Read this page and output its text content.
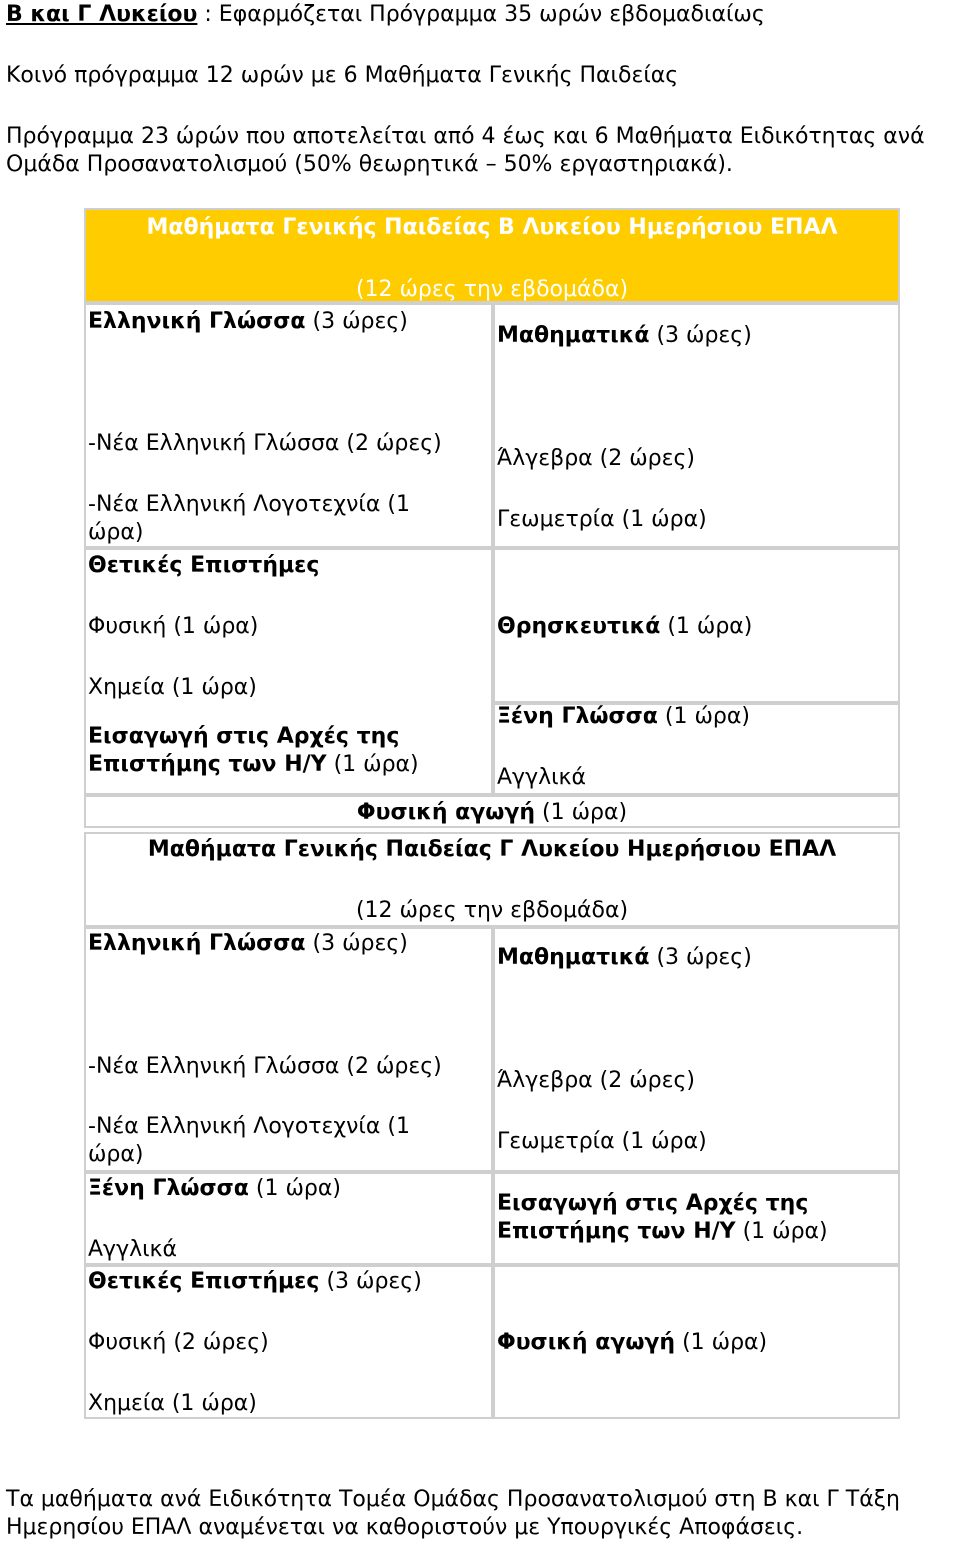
Β και Γ Λυκείου : Εφαρμόζεται Πρόγραμμα 35 ωρών εβδομαδιαίως

Κοινό πρόγραμμα 12 ωρών με 6 Μαθήματα Γενικής Παιδείας

Πρόγραμμα 23 ώρών που αποτελείται από 4 έως και 6 Μαθήματα Ειδικότητας ανά

Ομάδα Προσανατολισμού (50% θεωρητικά – 50% εργαστηριακά).

Μαθήματα Γενικής Παιδείας Β Λυκείου Ημερήσιου ΕΠΑΛ
(12 ώρες την εβδομάδα)
Ελληνική Γλώσσα (3 ώρες)
-Νέα Ελληνική Γλώσσα (2 ώρες)
-Νέα Ελληνική Λογοτεχνία (1
ώρα)
Μαθηματικά (3 ώρες)
Άλγεβρα (2 ώρες)
Γεωμετρία (1 ώρα)
Θετικές Επιστήμες
Φυσική (1 ώρα)
Χημεία (1 ώρα)
Εισαγωγή στις Αρχές της
Επιστήμης των Η/Υ (1 ώρα)
Θρησκευτικά (1 ώρα)
Ξένη Γλώσσα (1 ώρα)
Αγγλικά
Φυσική αγωγή (1 ώρα)
Μαθήματα Γενικής Παιδείας Γ Λυκείου Ημερήσιου ΕΠΑΛ
(12 ώρες την εβδομάδα)
Ελληνική Γλώσσα (3 ώρες)
-Νέα Ελληνική Γλώσσα (2 ώρες)
-Νέα Ελληνική Λογοτεχνία (1
ώρα)
Μαθηματικά (3 ώρες)
Άλγεβρα (2 ώρες)
Γεωμετρία (1 ώρα)
Ξένη Γλώσσα (1 ώρα)
Αγγλικά
Εισαγωγή στις Αρχές της
Επιστήμης των Η/Υ (1 ώρα)
Θετικές Επιστήμες (3 ώρες)
Φυσική (2 ώρες)
Χημεία (1 ώρα)
Φυσική αγωγή (1 ώρα)

Τα μαθήματα ανά Ειδικότητα Τομέα Ομάδας Προσανατολισμού στη Β και Γ Τάξη

Ημερησίου ΕΠΑΛ αναμένεται να καθοριστούν με Υπουργικές Αποφάσεις.
